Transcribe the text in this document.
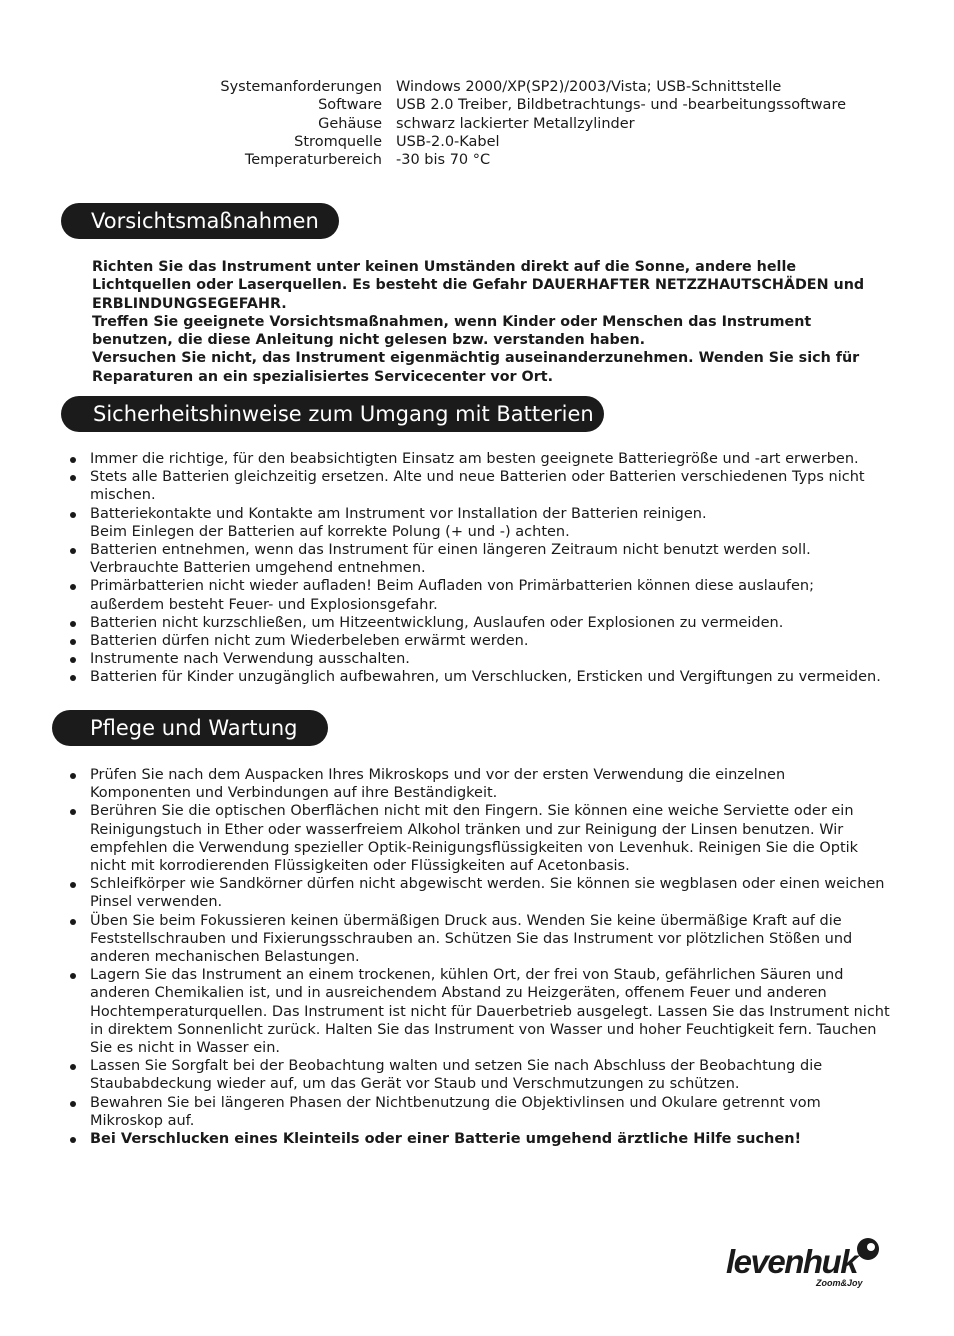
Systemanforderungen Windows 2000/XP(SP2)/2003/Vista; USB-Schnittstelle
Software USB 2.0 Treiber, Bildbetrachtungs- und -bearbeitungssoftware
Gehäuse schwarz lackierter Metallzylinder
Stromquelle USB-2.0-Kabel
Temperaturbereich -30 bis 70 °C
Vorsichtsmaßnahmen

Richten Sie das Instrument unter keinen Umständen direkt auf die Sonne, andere helle Lichtquellen oder Laserquellen. Es besteht die Gefahr DAUERHAFTER NETZZHAUTSCHÄDEN und ERBLINDUNGSEGEFAHR.

Treffen Sie geeignete Vorsichtsmaßnahmen, wenn Kinder oder Menschen das Instrument benutzen, die diese Anleitung nicht gelesen bzw. verstanden haben.

Versuchen Sie nicht, das Instrument eigenmächtig auseinanderzunehmen. Wenden Sie sich für Reparaturen an ein spezialisiertes Servicecenter vor Ort.

Sicherheitshinweise zum Umgang mit Batterien
Immer die richtige, für den beabsichtigten Einsatz am besten geeignete Batteriegröße und -art erwerben.
Stets alle Batterien gleichzeitig ersetzen. Alte und neue Batterien oder Batterien verschiedenen Typs nicht mischen.
Batteriekontakte und Kontakte am Instrument vor Installation der Batterien reinigen.
Beim Einlegen der Batterien auf korrekte Polung (+ und -) achten.
Batterien entnehmen, wenn das Instrument für einen längeren Zeitraum nicht benutzt werden soll. Verbrauchte Batterien umgehend entnehmen.
Primärbatterien nicht wieder aufladen! Beim Aufladen von Primärbatterien können diese auslaufen; außerdem besteht Feuer- und Explosionsgefahr.
Batterien nicht kurzschließen, um Hitzeentwicklung, Auslaufen oder Explosionen zu vermeiden.
Batterien dürfen nicht zum Wiederbeleben erwärmt werden.
Instrumente nach Verwendung ausschalten.
Batterien für Kinder unzugänglich aufbewahren, um Verschlucken, Ersticken und Vergiftungen zu vermeiden.
Pflege und Wartung
Prüfen Sie nach dem Auspacken Ihres Mikroskops und vor der ersten Verwendung die einzelnen Komponenten und Verbindungen auf ihre Beständigkeit.
Berühren Sie die optischen Oberflächen nicht mit den Fingern. Sie können eine weiche Serviette oder ein Reinigungstuch in Ether oder wasserfreiem Alkohol tränken und zur Reinigung der Linsen benutzen. Wir empfehlen die Verwendung spezieller Optik-Reinigungsflüssigkeiten von Levenhuk. Reinigen Sie die Optik nicht mit korrodierenden Flüssigkeiten oder Flüssigkeiten auf Acetonbasis.
Schleifkörper wie Sandkörner dürfen nicht abgewischt werden. Sie können sie wegblasen oder einen weichen Pinsel verwenden.
Üben Sie beim Fokussieren keinen übermäßigen Druck aus. Wenden Sie keine übermäßige Kraft auf die Feststellschrauben und Fixierungsschrauben an. Schützen Sie das Instrument vor plötzlichen Stößen und anderen mechanischen Belastungen.
Lagern Sie das Instrument an einem trockenen, kühlen Ort, der frei von Staub, gefährlichen Säuren und anderen Chemikalien ist, und in ausreichendem Abstand zu Heizgeräten, offenem Feuer und anderen Hochtemperaturquellen. Das Instrument ist nicht für Dauerbetrieb ausgelegt. Lassen Sie das Instrument nicht in direktem Sonnenlicht zurück. Halten Sie das Instrument von Wasser und hoher Feuchtigkeit fern. Tauchen Sie es nicht in Wasser ein.
Lassen Sie Sorgfalt bei der Beobachtung walten und setzen Sie nach Abschluss der Beobachtung die Staubabdeckung wieder auf, um das Gerät vor Staub und Verschmutzungen zu schützen.
Bewahren Sie bei längeren Phasen der Nichtbenutzung die Objektivlinsen und Okulare getrennt vom Mikroskop auf.
Bei Verschlucken eines Kleinteils oder einer Batterie umgehend ärztliche Hilfe suchen!
levenhuk
Zoom&Joy
